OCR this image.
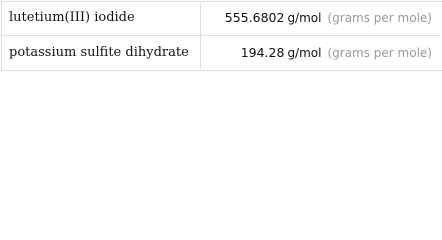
lutetium(III) iodide	555.6802 g/mol (grams per mole)
potassium sulfite dihydrate	194.28 g/mol (grams per mole)
